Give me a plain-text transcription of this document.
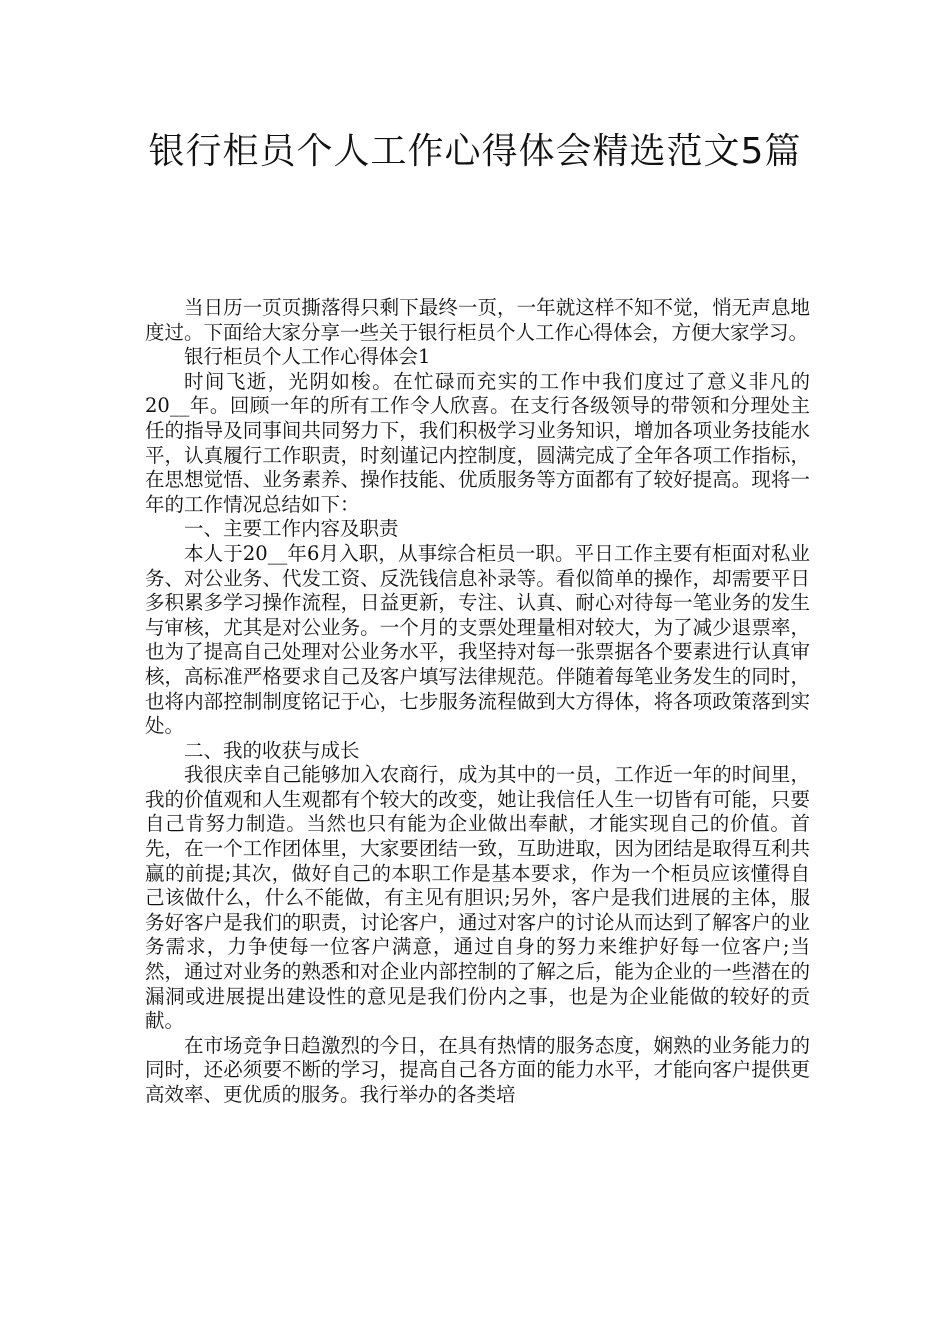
银行柜员个人工作心得体会精选范文5篇

当日历一页页撕落得只剩下最终一页，一年就这样不知不觉，悄无声息地度过。下面给大家分享一些关于银行柜员个人工作心得体会，方便大家学习。

银行柜员个人工作心得体会1

时间飞逝，光阴如梭。在忙碌而充实的工作中我们度过了意义非凡的20__年。回顾一年的所有工作令人欣喜。在支行各级领导的带领和分理处主任的指导及同事间共同努力下，我们积极学习业务知识，增加各项业务技能水平，认真履行工作职责，时刻谨记内控制度，圆满完成了全年各项工作指标，在思想觉悟、业务素养、操作技能、优质服务等方面都有了较好提高。现将一年的工作情况总结如下：

一、主要工作内容及职责

本人于20__年6月入职，从事综合柜员一职。平日工作主要有柜面对私业务、对公业务、代发工资、反洗钱信息补录等。看似简单的操作，却需要平日多积累多学习操作流程，日益更新，专注、认真、耐心对待每一笔业务的发生与审核，尤其是对公业务。一个月的支票处理量相对较大，为了减少退票率，也为了提高自己处理对公业务水平，我坚持对每一张票据各个要素进行认真审核，高标准严格要求自己及客户填写法律规范。伴随着每笔业务发生的同时，也将内部控制制度铭记于心，七步服务流程做到大方得体，将各项政策落到实处。

二、我的收获与成长

我很庆幸自己能够加入农商行，成为其中的一员，工作近一年的时间里，我的价值观和人生观都有个较大的改变，她让我信任人生一切皆有可能，只要自己肯努力制造。当然也只有能为企业做出奉献，才能实现自己的价值。首先，在一个工作团体里，大家要团结一致，互助进取，因为团结是取得互利共赢的前提;其次，做好自己的本职工作是基本要求，作为一个柜员应该懂得自己该做什么，什么不能做，有主见有胆识;另外，客户是我们进展的主体，服务好客户是我们的职责，讨论客户，通过对客户的讨论从而达到了解客户的业务需求，力争使每一位客户满意，通过自身的努力来维护好每一位客户;当然，通过对业务的熟悉和对企业内部控制的了解之后，能为企业的一些潜在的漏洞或进展提出建设性的意见是我们份内之事，也是为企业能做的较好的贡献。

在市场竞争日趋激烈的今日，在具有热情的服务态度，娴熟的业务能力的同时，还必须要不断的学习，提高自己各方面的能力水平，才能向客户提供更高效率、更优质的服务。我行举办的各类培
